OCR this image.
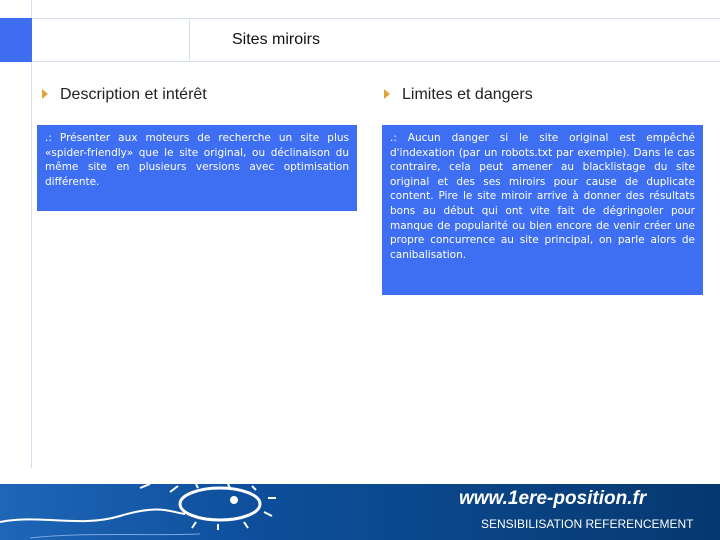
Sites miroirs
Description et intérêt	Limites et dangers
.: Présenter aux moteurs de recherche un site plus «spider-friendly» que le site original, ou déclinaison du même site en plusieurs versions avec optimisation différente.
.: Aucun danger si le site original est empêché d'indexation (par un robots.txt par exemple). Dans le cas contraire, cela peut amener au blacklistage du site original et des ses miroirs pour cause de duplicate content. Pire le site miroir arrive à donner des résultats bons au début qui ont vite fait de dégringoler pour manque de popularité ou bien encore de venir créer une propre concurrence au site principal, on parle alors de canibalisation.
www.1ere-position.fr
SENSIBILISATION REFERENCEMENT
